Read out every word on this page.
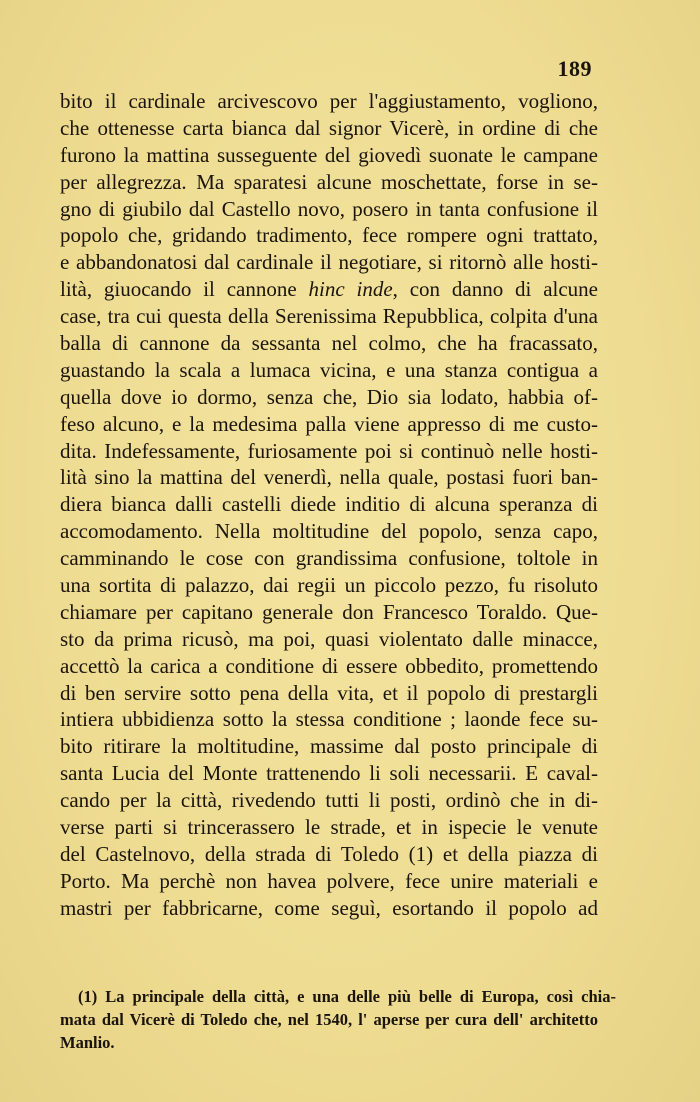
189
bito il cardinale arcivescovo per l'aggiustamento, vogliono,
che ottenesse carta bianca dal signor Vicerè, in ordine di che
furono la mattina susseguente del giovedì suonate le campane
per allegrezza. Ma sparatesi alcune moschettate, forse in se-
gno di giubilo dal Castello novo, posero in tanta confusione il
popolo che, gridando tradimento, fece rompere ogni trattato,
e abbandonatosi dal cardinale il negotiare, si ritornò alle hosti-
lità, giuocando il cannone hinc inde, con danno di alcune
case, tra cui questa della Serenissima Repubblica, colpita d'una
balla di cannone da sessanta nel colmo, che ha fracassato,
guastando la scala a lumaca vicina, e una stanza contigua a
quella dove io dormo, senza che, Dio sia lodato, habbia of-
feso alcuno, e la medesima palla viene appresso di me custo-
dita. Indefessamente, furiosamente poi si continuò nelle hosti-
lità sino la mattina del venerdì, nella quale, postasi fuori ban-
diera bianca dalli castelli diede inditio di alcuna speranza di
accomodamento. Nella moltitudine del popolo, senza capo,
camminando le cose con grandissima confusione, toltole in
una sortita di palazzo, dai regii un piccolo pezzo, fu risoluto
chiamare per capitano generale don Francesco Toraldo. Que-
sto da prima ricusò, ma poi, quasi violentato dalle minacce,
accettò la carica a conditione di essere obbedito, promettendo
di ben servire sotto pena della vita, et il popolo di prestargli
intiera ubbidienza sotto la stessa conditione ; laonde fece su-
bito ritirare la moltitudine, massime dal posto principale di
santa Lucia del Monte trattenendo li soli necessarii. E caval-
cando per la città, rivedendo tutti li posti, ordinò che in di-
verse parti si trincerassero le strade, et in ispecie le venute
del Castelnovo, della strada di Toledo (1) et della piazza di
Porto. Ma perchè non havea polvere, fece unire materiali e
mastri per fabbricarne, come seguì, esortando il popolo ad
(1) La principale della città, e una delle più belle di Europa, così chia-
mata dal Vicerè di Toledo che, nel 1540, l' aperse per cura dell' architetto
Manlio.
